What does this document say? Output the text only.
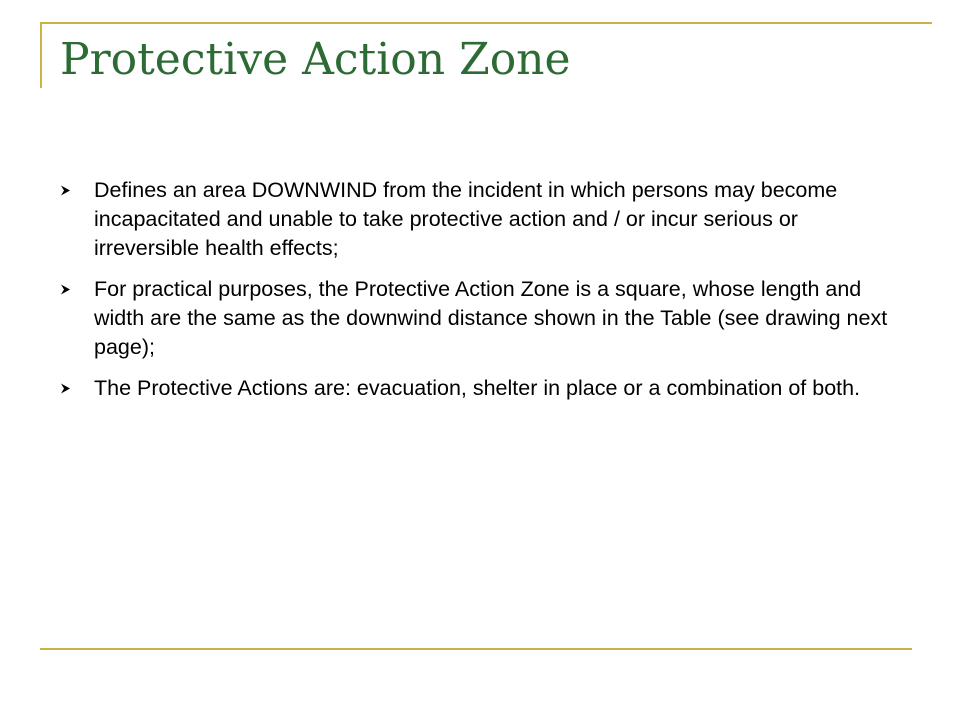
Protective Action Zone
Defines an area DOWNWIND from the incident in which persons may become incapacitated and unable to take protective action and / or incur serious or irreversible health effects;
For practical purposes, the Protective Action Zone is a square, whose length and width are the same as the downwind distance shown in the Table (see drawing next page);
The Protective Actions are: evacuation, shelter in place or a combination of both.
